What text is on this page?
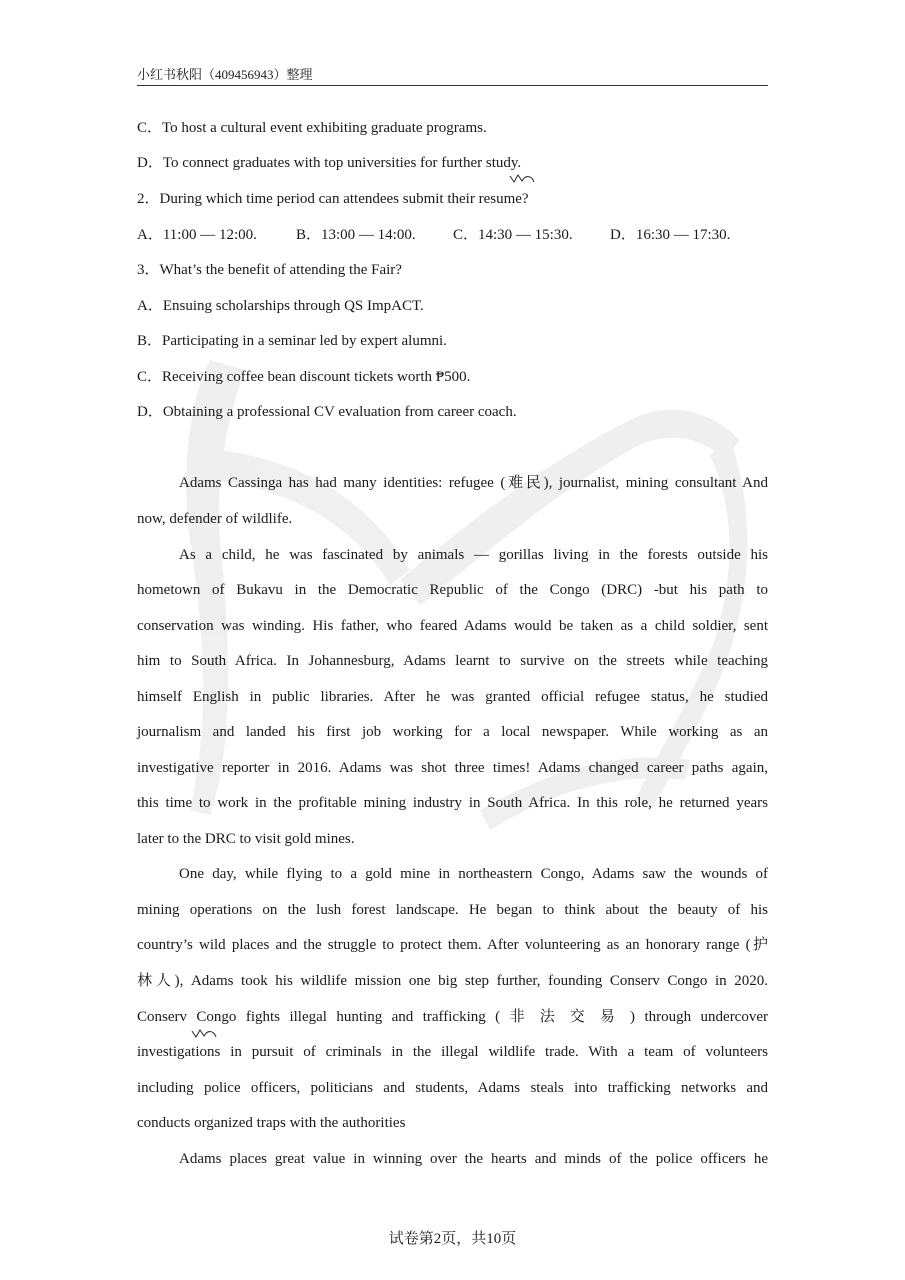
小红书秋阳（409456943）整理
C．To host a cultural event exhibiting graduate programs.
D．To connect graduates with top universities for further study.
2．During which time period can attendees submit their resume?
A．11:00 — 12:00.	B．13:00 — 14:00.	C．14:30 — 15:30.	D．16:30 — 17:30.
3．What’s the benefit of attending the Fair?
A．Ensuing scholarships through QS ImpACT.
B．Participating in a seminar led by expert alumni.
C．Receiving coffee bean discount tickets worth ₱500.
D．Obtaining a professional CV evaluation from career coach.
Adams Cassinga has had many identities: refugee (难民), journalist, mining consultant And
now, defender of wildlife.
As a child, he was fascinated by animals — gorillas living in the forests outside his
hometown of Bukavu in the Democratic Republic of the Congo (DRC) -but his path to
conservation was winding. His father, who feared Adams would be taken as a child soldier, sent
him to South Africa. In Johannesburg, Adams learnt to survive on the streets while teaching
himself English in public libraries. After he was granted official refugee status, he studied
journalism and landed his first job working for a local newspaper. While working as an
investigative reporter in 2016. Adams was shot three times! Adams changed career paths again,
this time to work in the profitable mining industry in South Africa. In this role, he returned years
later to the DRC to visit gold mines.
One day, while flying to a gold mine in northeastern Congo, Adams saw the wounds of
mining operations on the lush forest landscape. He began to think about the beauty of his
country’s wild places and the struggle to protect them. After volunteering as an honorary range (护
林人), Adams took his wildlife mission one big step further, founding Conserv Congo in 2020.
Conserv Congo fights illegal hunting and trafficking ( 非 法 交 易 ) through undercover
investigations in pursuit of criminals in the illegal wildlife trade. With a team of volunteers
including police officers, politicians and students, Adams steals into trafficking networks and
conducts organized traps with the authorities
Adams places great value in winning over the hearts and minds of the police officers he
试卷第2页，共10页
